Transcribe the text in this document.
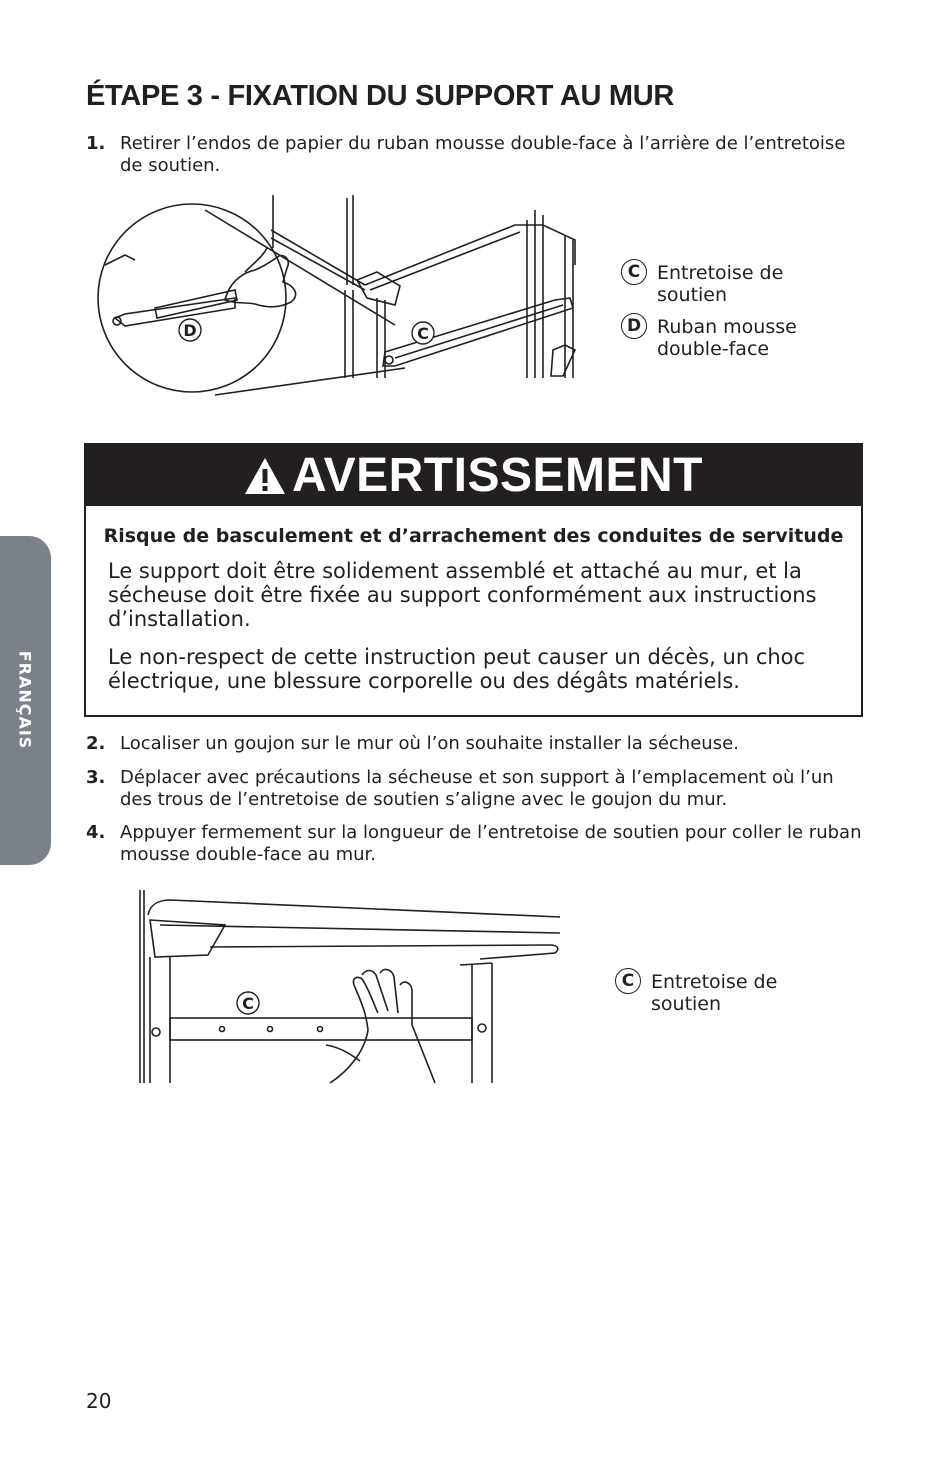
FRANÇAIS
ÉTAPE 3 - FIXATION DU SUPPORT AU MUR
1. Retirer l’endos de papier du ruban mousse double-face à l’arrière de l’entretoise de soutien.
D	C
C Entretoise de soutien
D Ruban mousse double-face
AVERTISSEMENT
Risque de basculement et d’arrachement des conduites de servitude
Le support doit être solidement assemblé et attaché au mur, et la sécheuse doit être fixée au support conformément aux instructions d’installation.
Le non-respect de cette instruction peut causer un décès, un choc électrique, une blessure corporelle ou des dégâts matériels.
2. Localiser un goujon sur le mur où l’on souhaite installer la sécheuse.
3. Déplacer avec précautions la sécheuse et son support à l’emplacement où l’un des trous de l’entretoise de soutien s’aligne avec le goujon du mur.
4. Appuyer fermement sur la longueur de l’entretoise de soutien pour coller le ruban mousse double-face au mur.
C
C Entretoise de soutien
20
